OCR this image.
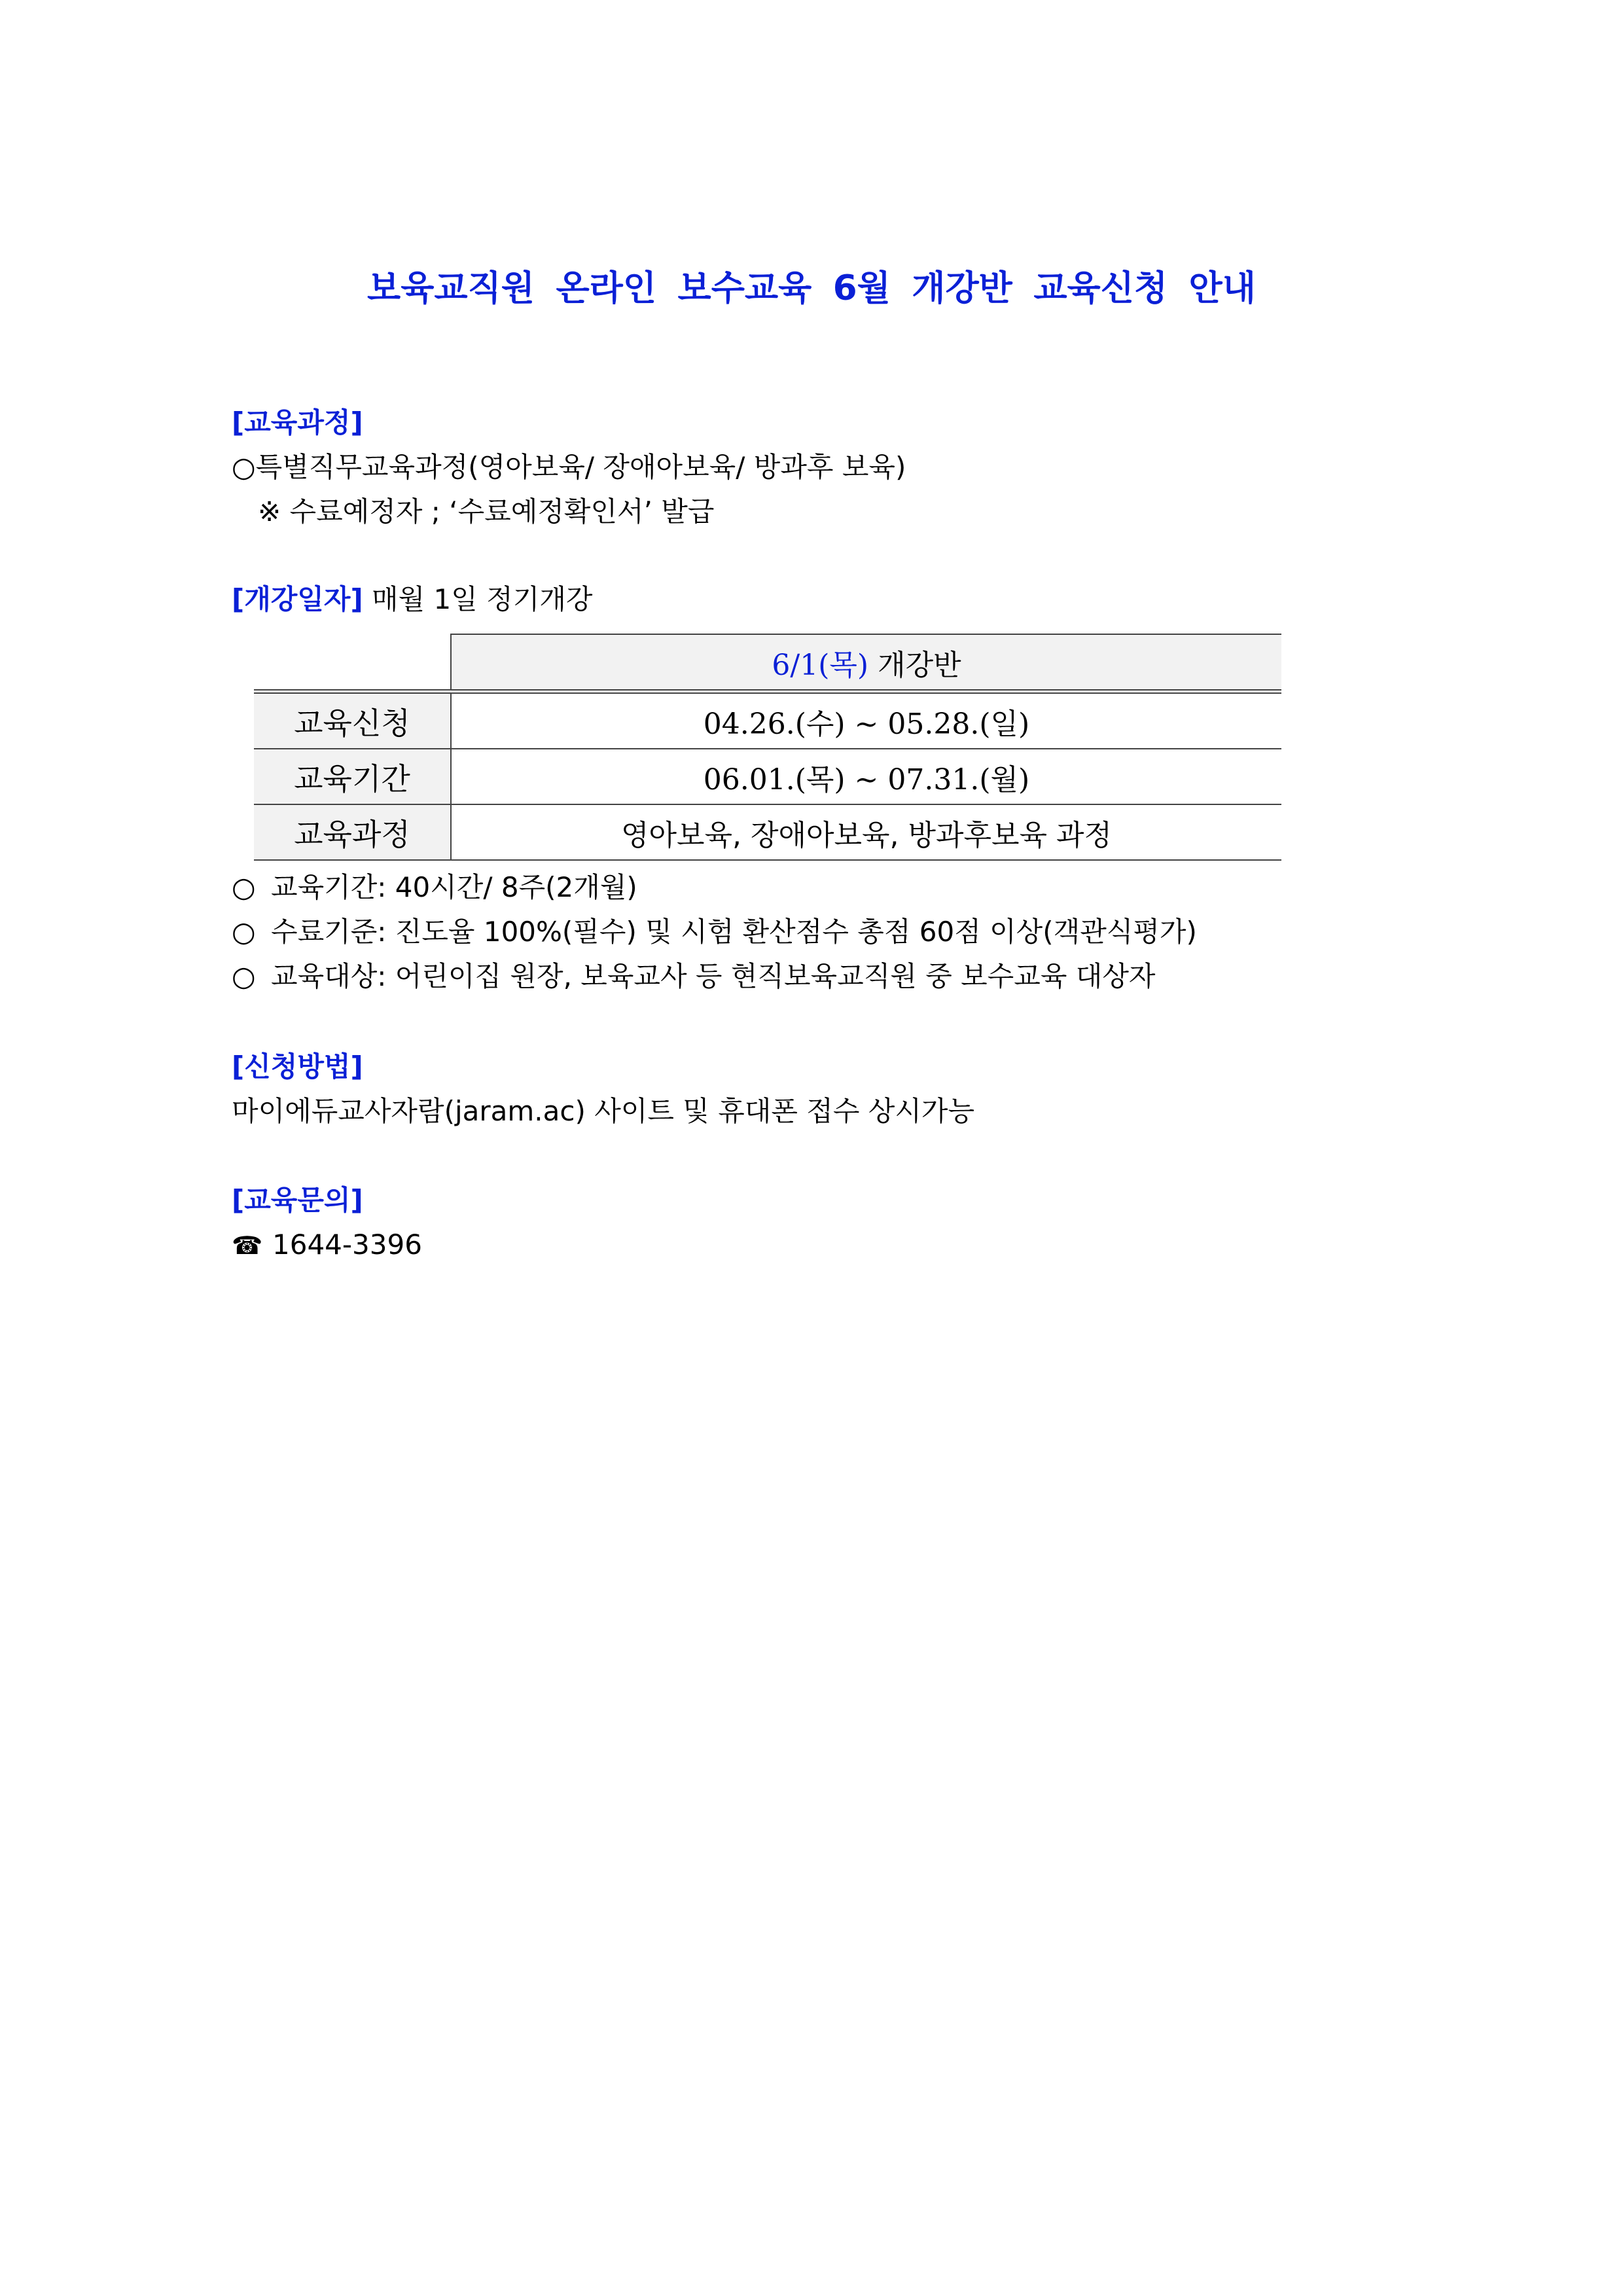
보육교직원 온라인 보수교육 6월 개강반 교육신청 안내
[교육과정]
○특별직무교육과정(영아보육/ 장애아보육/ 방과후 보육)
※ 수료예정자 ; ‘수료예정확인서’ 발급
[개강일자] 매월 1일 정기개강
	6/1(목) 개강반
교육신청	04.26.(수) ~ 05.28.(일)
교육기간	06.01.(목) ~ 07.31.(월)
교육과정	영아보육, 장애아보육, 방과후보육 과정
○ 교육기간: 40시간/ 8주(2개월)
○ 수료기준: 진도율 100%(필수) 및 시험 환산점수 총점 60점 이상(객관식평가)
○ 교육대상: 어린이집 원장, 보육교사 등 현직보육교직원 중 보수교육 대상자
[신청방법]
마이에듀교사자람(jaram.ac) 사이트 및 휴대폰 접수 상시가능
[교육문의]
☎ 1644-3396
